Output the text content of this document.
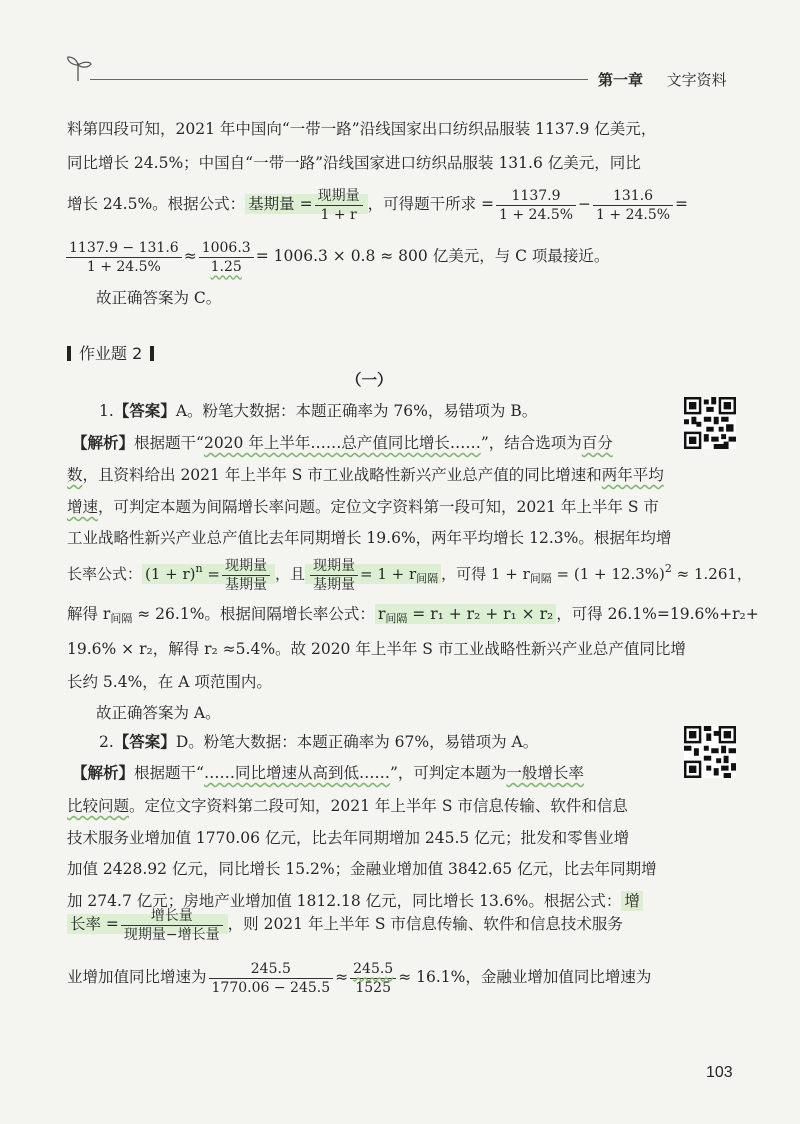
第一章 文字资料
料第四段可知，2021 年中国向“一带一路”沿线国家出口纺织品服装 1137.9 亿美元，
同比增长 24.5%；中国自“一带一路”沿线国家进口纺织品服装 131.6 亿美元，同比
增长 24.5%。根据公式： 基期量 = $\frac{\text{现期量}}{1 + r}$ ，可得题干所求 = $\frac{1137.9}{1 + 24.5\%} - \frac{131.6}{1 + 24.5\%}$ =
$\frac{1137.9 - 131.6}{1 + 24.5\%} \approx \frac{1006.3}{1.25} = 1006.3 \times 0.8 \approx 800$ 亿美元，与 C 项最接近。
故正确答案为 C。
作业题 2
（一）
1.【答案】A。粉笔大数据：本题正确率为 76%，易错项为 B。
【解析】根据题干“2020 年上半年……总产值同比增长……”，结合选项为百分
数，且资料给出 2021 年上半年 S 市工业战略性新兴产业总产值的同比增速和两年平均
增速，可判定本题为间隔增长率问题。定位文字资料第一段可知，2021 年上半年 S 市
工业战略性新兴产业总产值比去年同期增长 19.6%，两年平均增长 12.3%。根据年均增
长率公式： $(1 + r)^n = \frac{\text{现期量}}{\text{基期量}}$ ，且 $\frac{\text{现期量}}{\text{基期量}} = 1 + r_{间隔}$ ，可得 $1 + r_{间隔} = (1 + 12.3\%)^2 \approx 1.261$，
解得 $r_{间隔} \approx 26.1\%$。根据间隔增长率公式： $r_{间隔} = r_1 + r_2 + r_1 \times r_2$ ，可得 26.1%=19.6%+r₂+
19.6% × r₂，解得 r₂ ≈5.4%。故 2020 年上半年 S 市工业战略性新兴产业总产值同比增
长约 5.4%，在 A 项范围内。
故正确答案为 A。
2.【答案】D。粉笔大数据：本题正确率为 67%，易错项为 A。
【解析】根据题干“……同比增速从高到低……”，可判定本题为一般增长率
比较问题。定位文字资料第二段可知，2021 年上半年 S 市信息传输、软件和信息
技术服务业增加值 1770.06 亿元，比去年同期增加 245.5 亿元；批发和零售业增
加值 2428.92 亿元，同比增长 15.2%；金融业增加值 3842.65 亿元，比去年同期增
加 274.7 亿元；房地产业增加值 1812.18 亿元，同比增长 13.6%。根据公式： 增
长率 = $\frac{\text{增长量}}{\text{现期量−增长量}}$ ，则 2021 年上半年 S 市信息传输、软件和信息技术服务
业增加值同比增速为 $\frac{245.5}{1770.06 - 245.5} \approx \frac{245.5}{1525} \approx 16.1\%$，金融业增加值同比增速为
103
